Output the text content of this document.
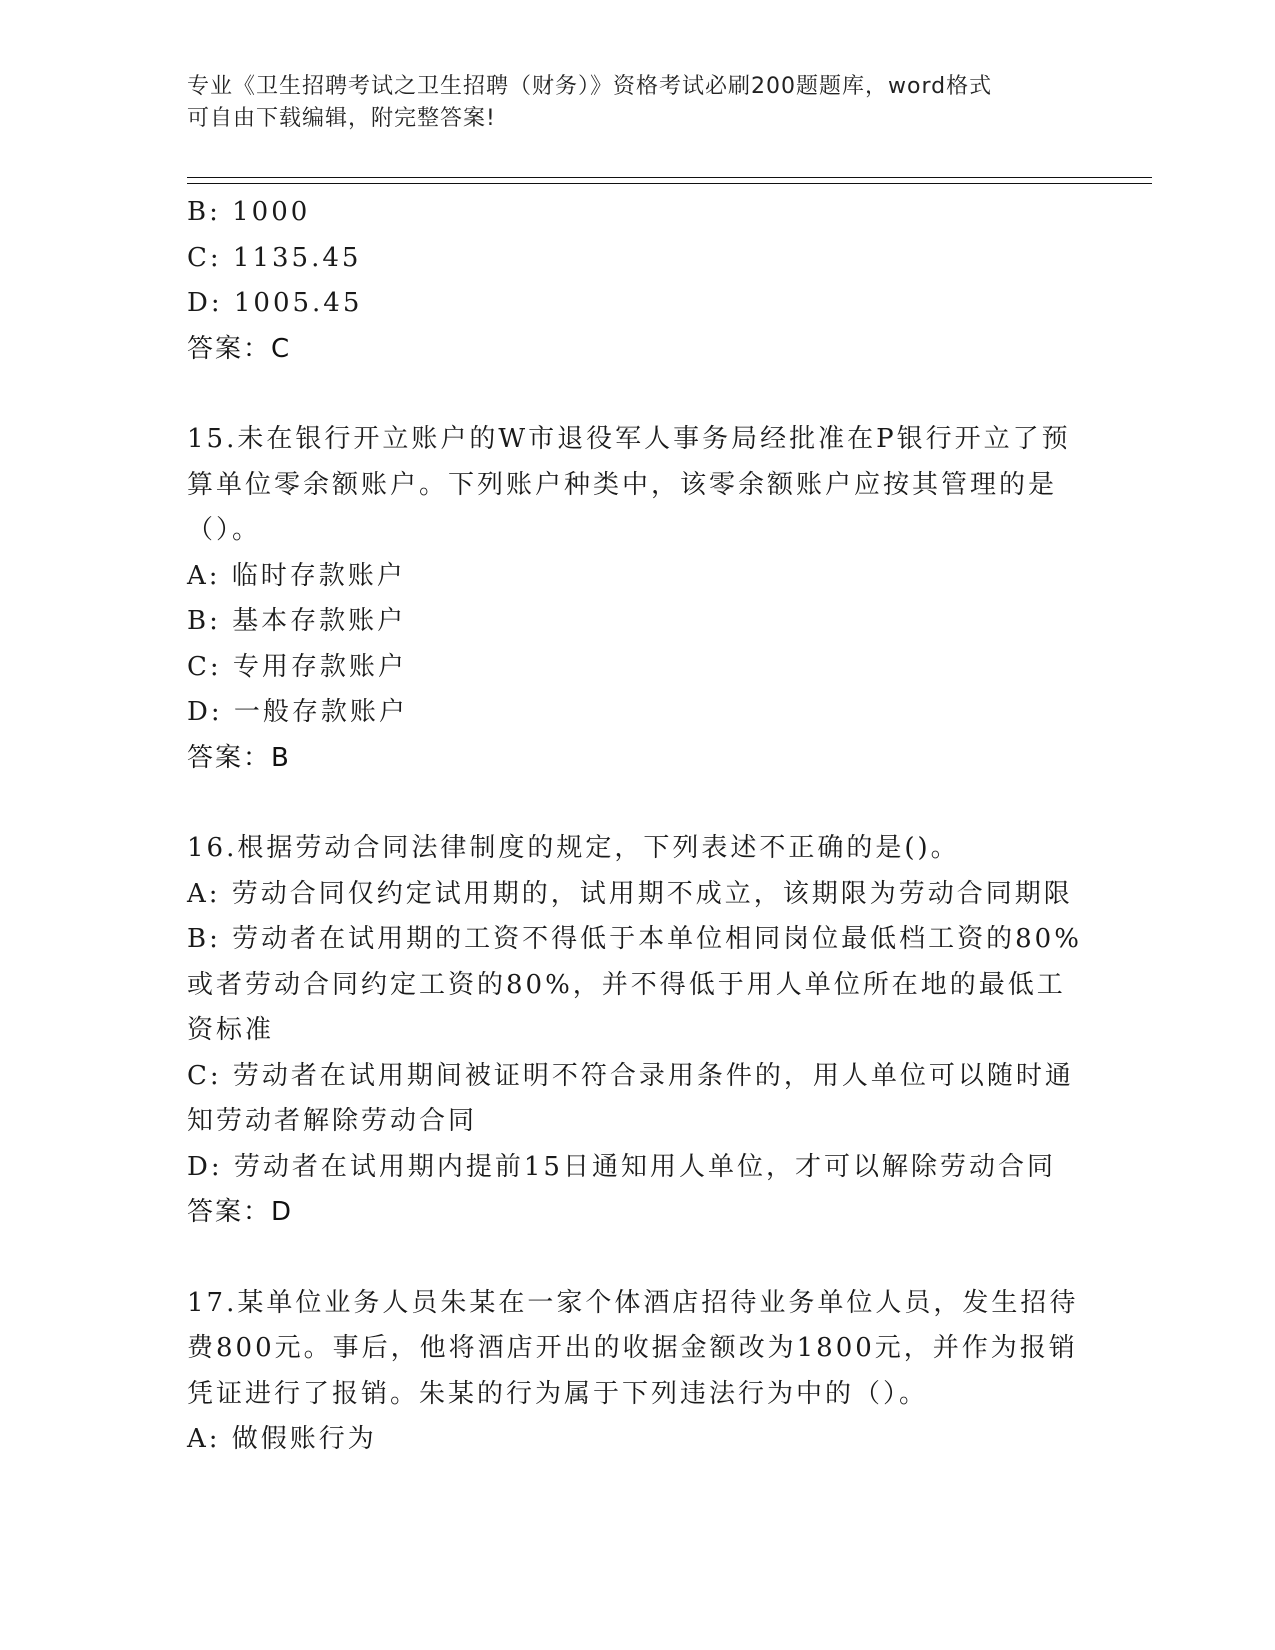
专业《卫生招聘考试之卫生招聘（财务）》资格考试必刷200题题库，word格式
可自由下载编辑，附完整答案!
B: 1000
C: 1135.45
D: 1005.45
答案：C
15.未在银行开立账户的W市退役军人事务局经批准在P银行开立了预
算单位零余额账户。下列账户种类中，该零余额账户应按其管理的是
（）。
A: 临时存款账户
B: 基本存款账户
C: 专用存款账户
D: 一般存款账户
答案：B
16.根据劳动合同法律制度的规定，下列表述不正确的是()。
A: 劳动合同仅约定试用期的，试用期不成立，该期限为劳动合同期限
B: 劳动者在试用期的工资不得低于本单位相同岗位最低档工资的80%
或者劳动合同约定工资的80%，并不得低于用人单位所在地的最低工
资标准
C: 劳动者在试用期间被证明不符合录用条件的，用人单位可以随时通
知劳动者解除劳动合同
D: 劳动者在试用期内提前15日通知用人单位，才可以解除劳动合同
答案：D
17.某单位业务人员朱某在一家个体酒店招待业务单位人员，发生招待
费800元。事后，他将酒店开出的收据金额改为1800元，并作为报销
凭证进行了报销。朱某的行为属于下列违法行为中的（）。
A: 做假账行为
